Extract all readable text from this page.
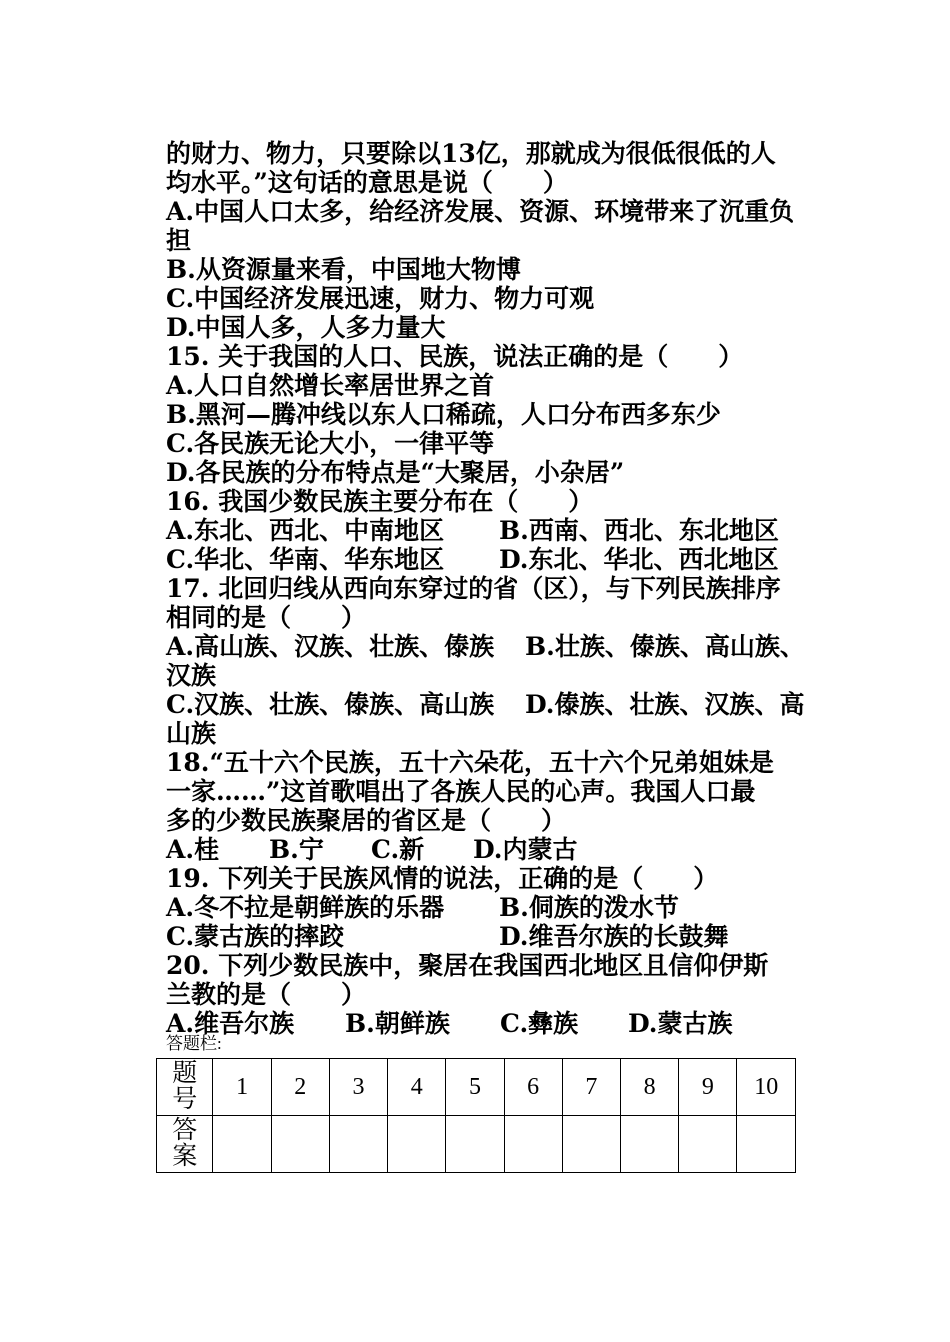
的财力、物力，只要除以13亿，那就成为很低很低的人
均水平。”这句话的意思是说（　　）
A.中国人口太多，给经济发展、资源、环境带来了沉重负
担
B.从资源量来看，中国地大物博
C.中国经济发展迅速，财力、物力可观
D.中国人多，人多力量大
15. 关于我国的人口、民族，说法正确的是（　　）
A.人口自然增长率居世界之首
B.黑河—腾冲线以东人口稀疏，人口分布西多东少
C.各民族无论大小，一律平等
D.各民族的分布特点是“大聚居，小杂居”
16. 我国少数民族主要分布在（　　）
A.东北、西北、中南地区 B.西南、西北、东北地区
C.华北、华南、华东地区 D.东北、华北、西北地区
17. 北回归线从西向东穿过的省（区），与下列民族排序
相同的是（　　）
A.高山族、汉族、壮族、傣族 B.壮族、傣族、高山族、
汉族
C.汉族、壮族、傣族、高山族 D.傣族、壮族、汉族、高
山族
18.“五十六个民族，五十六朵花，五十六个兄弟姐妹是
一家……”这首歌唱出了各族人民的心声。我国人口最
多的少数民族聚居的省区是（　　）
A.桂 B.宁 C.新 D.内蒙古
19. 下列关于民族风情的说法，正确的是（　　）
A.冬不拉是朝鲜族的乐器 B.侗族的泼水节
C.蒙古族的摔跤	D.维吾尔族的长鼓舞
20. 下列少数民族中，聚居在我国西北地区且信仰伊斯
兰教的是（　　）
A.维吾尔族 B.朝鲜族 C.彝族 D.蒙古族
答题栏:
题
号	1	2	3	4	5	6	7	8	9	10

答
案										
